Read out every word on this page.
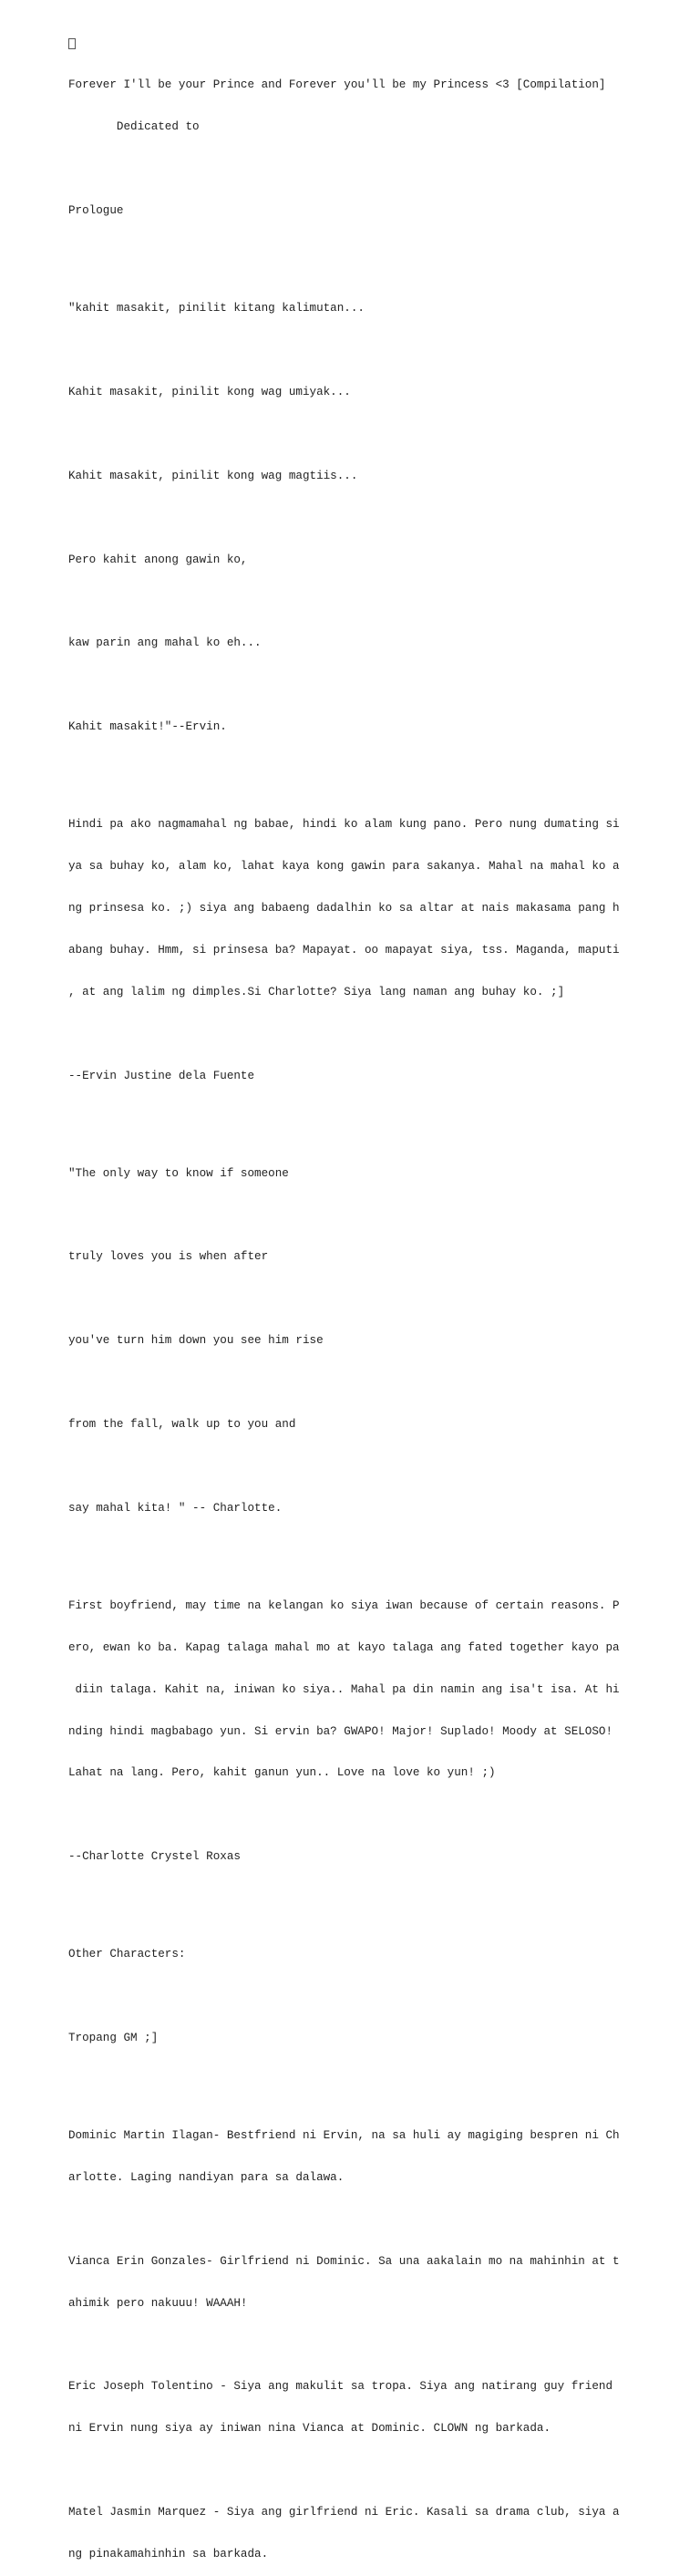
Forever I'll be your Prince and Forever you'll be my Princess <3 [Compilation]

Dedicated to

Prologue

"kahit masakit, pinilit kitang kalimutan...

Kahit masakit, pinilit kong wag umiyak...

Kahit masakit, pinilit kong wag magtiis...

Pero kahit anong gawin ko,

kaw parin ang mahal ko eh...

Kahit masakit!"--Ervin.

Hindi pa ako nagmamahal ng babae, hindi ko alam kung pano. Pero nung dumating si

ya sa buhay ko, alam ko, lahat kaya kong gawin para sakanya. Mahal na mahal ko a

ng prinsesa ko. ;) siya ang babaeng dadalhin ko sa altar at nais makasama pang h

abang buhay. Hmm, si prinsesa ba? Mapayat. oo mapayat siya, tss. Maganda, maputi

, at ang lalim ng dimples.Si Charlotte? Siya lang naman ang buhay ko. ;]

--Ervin Justine dela Fuente

"The only way to know if someone

truly loves you is when after

you've turn him down you see him rise

from the fall, walk up to you and

say mahal kita! " -- Charlotte.

First boyfriend, may time na kelangan ko siya iwan because of certain reasons. P

ero, ewan ko ba. Kapag talaga mahal mo at kayo talaga ang fated together kayo pa

diin talaga. Kahit na, iniwan ko siya.. Mahal pa din namin ang isa't isa. At hi

nding hindi magbabago yun. Si ervin ba? GWAPO! Major! Suplado! Moody at SELOSO!

Lahat na lang. Pero, kahit ganun yun.. Love na love ko yun! ;)

--Charlotte Crystel Roxas

Other Characters:

Tropang GM ;]

Dominic Martin Ilagan- Bestfriend ni Ervin, na sa huli ay magiging bespren ni Ch

arlotte. Laging nandiyan para sa dalawa.

Vianca Erin Gonzales- Girlfriend ni Dominic. Sa una aakalain mo na mahinhin at t

ahimik pero nakuuu! WAAAH!

Eric Joseph Tolentino - Siya ang makulit sa tropa. Siya ang natirang guy friend

ni Ervin nung siya ay iniwan nina Vianca at Dominic. CLOWN ng barkada.

Matel Jasmin Marquez - Siya ang girlfriend ni Eric. Kasali sa drama club, siya a

ng pinakamahinhin sa barkada.
